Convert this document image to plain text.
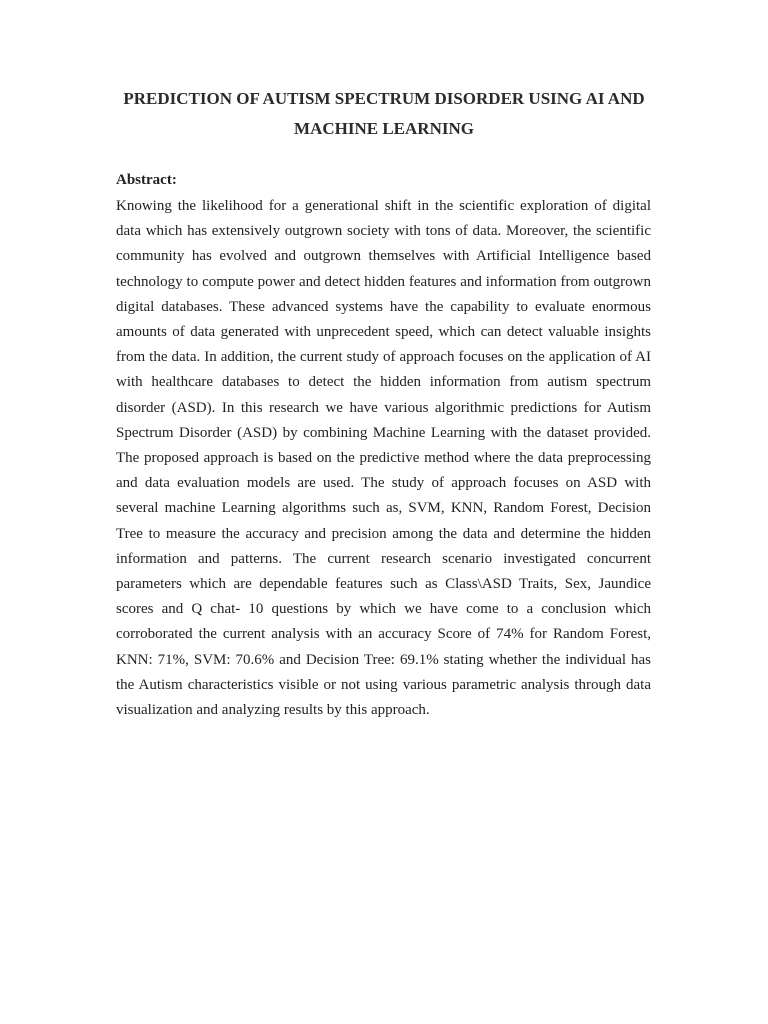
PREDICTION OF AUTISM SPECTRUM DISORDER USING AI AND MACHINE LEARNING

Abstract:

Knowing the likelihood for a generational shift in the scientific exploration of digital data which has extensively outgrown society with tons of data. Moreover, the scientific community has evolved and outgrown themselves with Artificial Intelligence based technology to compute power and detect hidden features and information from outgrown digital databases. These advanced systems have the capability to evaluate enormous amounts of data generated with unprecedent speed, which can detect valuable insights from the data. In addition, the current study of approach focuses on the application of AI with healthcare databases to detect the hidden information from autism spectrum disorder (ASD). In this research we have various algorithmic predictions for Autism Spectrum Disorder (ASD) by combining Machine Learning with the dataset provided. The proposed approach is based on the predictive method where the data preprocessing and data evaluation models are used. The study of approach focuses on ASD with several machine Learning algorithms such as, SVM, KNN, Random Forest, Decision Tree to measure the accuracy and precision among the data and determine the hidden information and patterns. The current research scenario investigated concurrent parameters which are dependable features such as Class\ASD Traits, Sex, Jaundice scores and Q chat- 10 questions by which we have come to a conclusion which corroborated the current analysis with an accuracy Score of 74% for Random Forest, KNN: 71%, SVM: 70.6% and Decision Tree: 69.1% stating whether the individual has the Autism characteristics visible or not using various parametric analysis through data visualization and analyzing results by this approach.
